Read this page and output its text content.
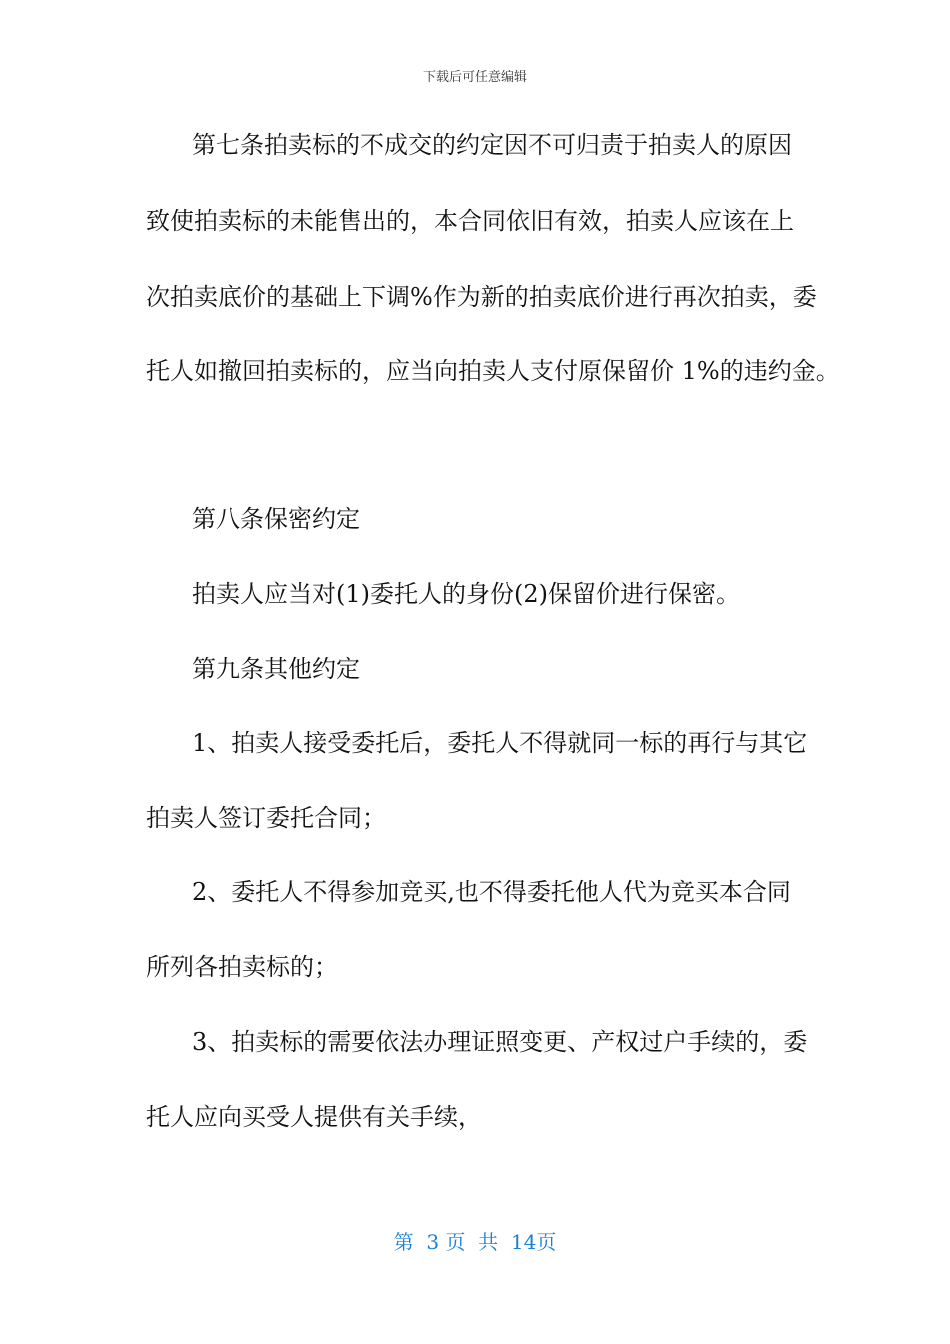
下载后可任意编辑
第七条拍卖标的不成交的约定因不可归责于拍卖人的原因
致使拍卖标的未能售出的，本合同依旧有效，拍卖人应该在上
次拍卖底价的基础上下调%作为新的拍卖底价进行再次拍卖，委
托人如撤回拍卖标的，应当向拍卖人支付原保留价 1%的违约金。
第八条保密约定
拍卖人应当对(1)委托人的身份(2)保留价进行保密。
第九条其他约定
1、拍卖人接受委托后，委托人不得就同一标的再行与其它
拍卖人签订委托合同；
2、委托人不得参加竞买,也不得委托他人代为竞买本合同
所列各拍卖标的；
3、拍卖标的需要依法办理证照变更、产权过户手续的，委
托人应向买受人提供有关手续，
第  3 页  共  14页
